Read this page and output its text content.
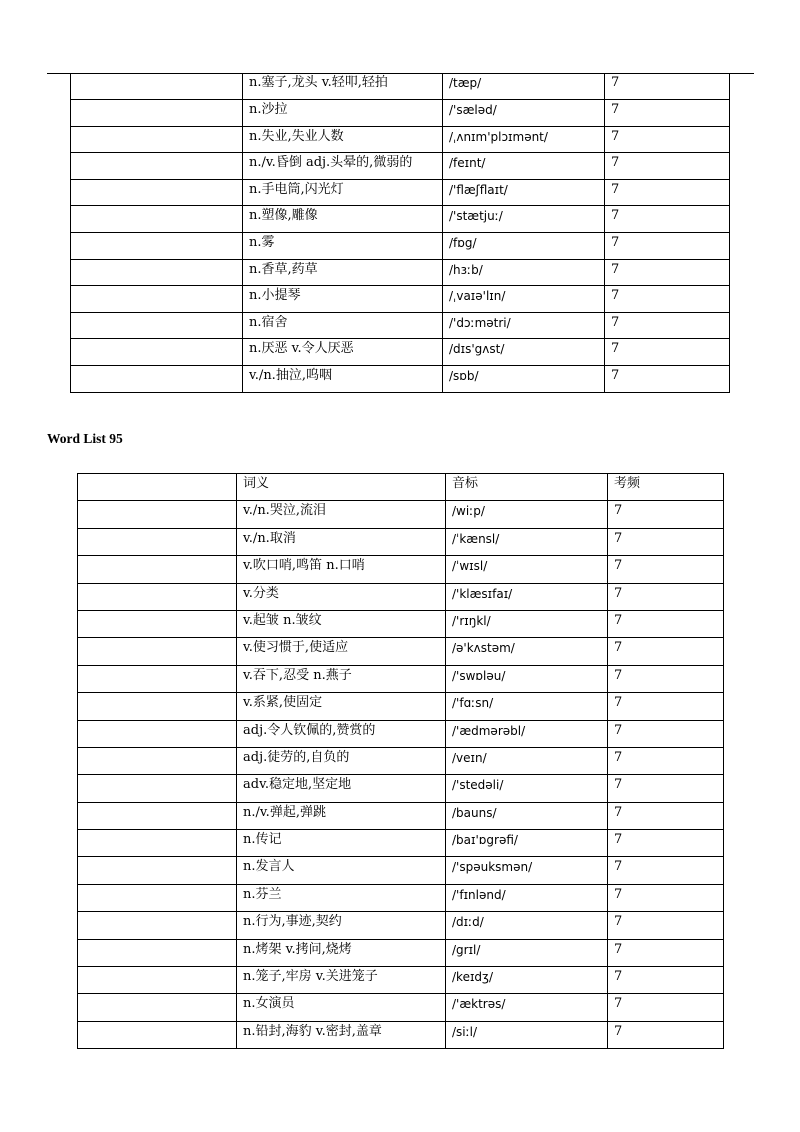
	n.塞子,龙头 v.轻叩,轻拍	/tæp/	7
	n.沙拉	/'sæləd/	7
	n.失业,失业人数	/ˌʌnɪm'plɔɪmənt/	7
	n./v.昏倒 adj.头晕的,微弱的	/feɪnt/	7
	n.手电筒,闪光灯	/'flæʃflaɪt/	7
	n.塑像,雕像	/'stætjuː/	7
	n.雾	/fɒg/	7
	n.香草,药草	/hɜːb/	7
	n.小提琴	/ˌvaɪə'lɪn/	7
	n.宿舍	/'dɔːmətri/	7
	n.厌恶 v.令人厌恶	/dɪs'gʌst/	7
	v./n.抽泣,呜咽	/sɒb/	7
Word List 95
	词义	音标	考频
	v./n.哭泣,流泪	/wiːp/	7
	v./n.取消	/ˈkænsl/	7
	v.吹口哨,鸣笛 n.口哨	/ˈwɪsl/	7
	v.分类	/'klæsɪfaɪ/	7
	v.起皱 n.皱纹	/'rɪŋkl/	7
	v.使习惯于,使适应	/ə'kʌstəm/	7
	v.吞下,忍受 n.燕子	/'swɒləu/	7
	v.系紧,使固定	/'fɑːsn/	7
	adj.令人钦佩的,赞赏的	/'ædmərəbl/	7
	adj.徒劳的,自负的	/veɪn/	7
	adv.稳定地,坚定地	/'stedəli/	7
	n./v.弹起,弹跳	/bauns/	7
	n.传记	/baɪ'ɒgrəfi/	7
	n.发言人	/'spəuksmən/	7
	n.芬兰	/'fɪnlənd/	7
	n.行为,事迹,契约	/dɪːd/	7
	n.烤架 v.拷问,烧烤	/grɪl/	7
	n.笼子,牢房 v.关进笼子	/keɪdʒ/	7
	n.女演员	/'æktrəs/	7
	n.铅封,海豹 v.密封,盖章	/siːl/	7
